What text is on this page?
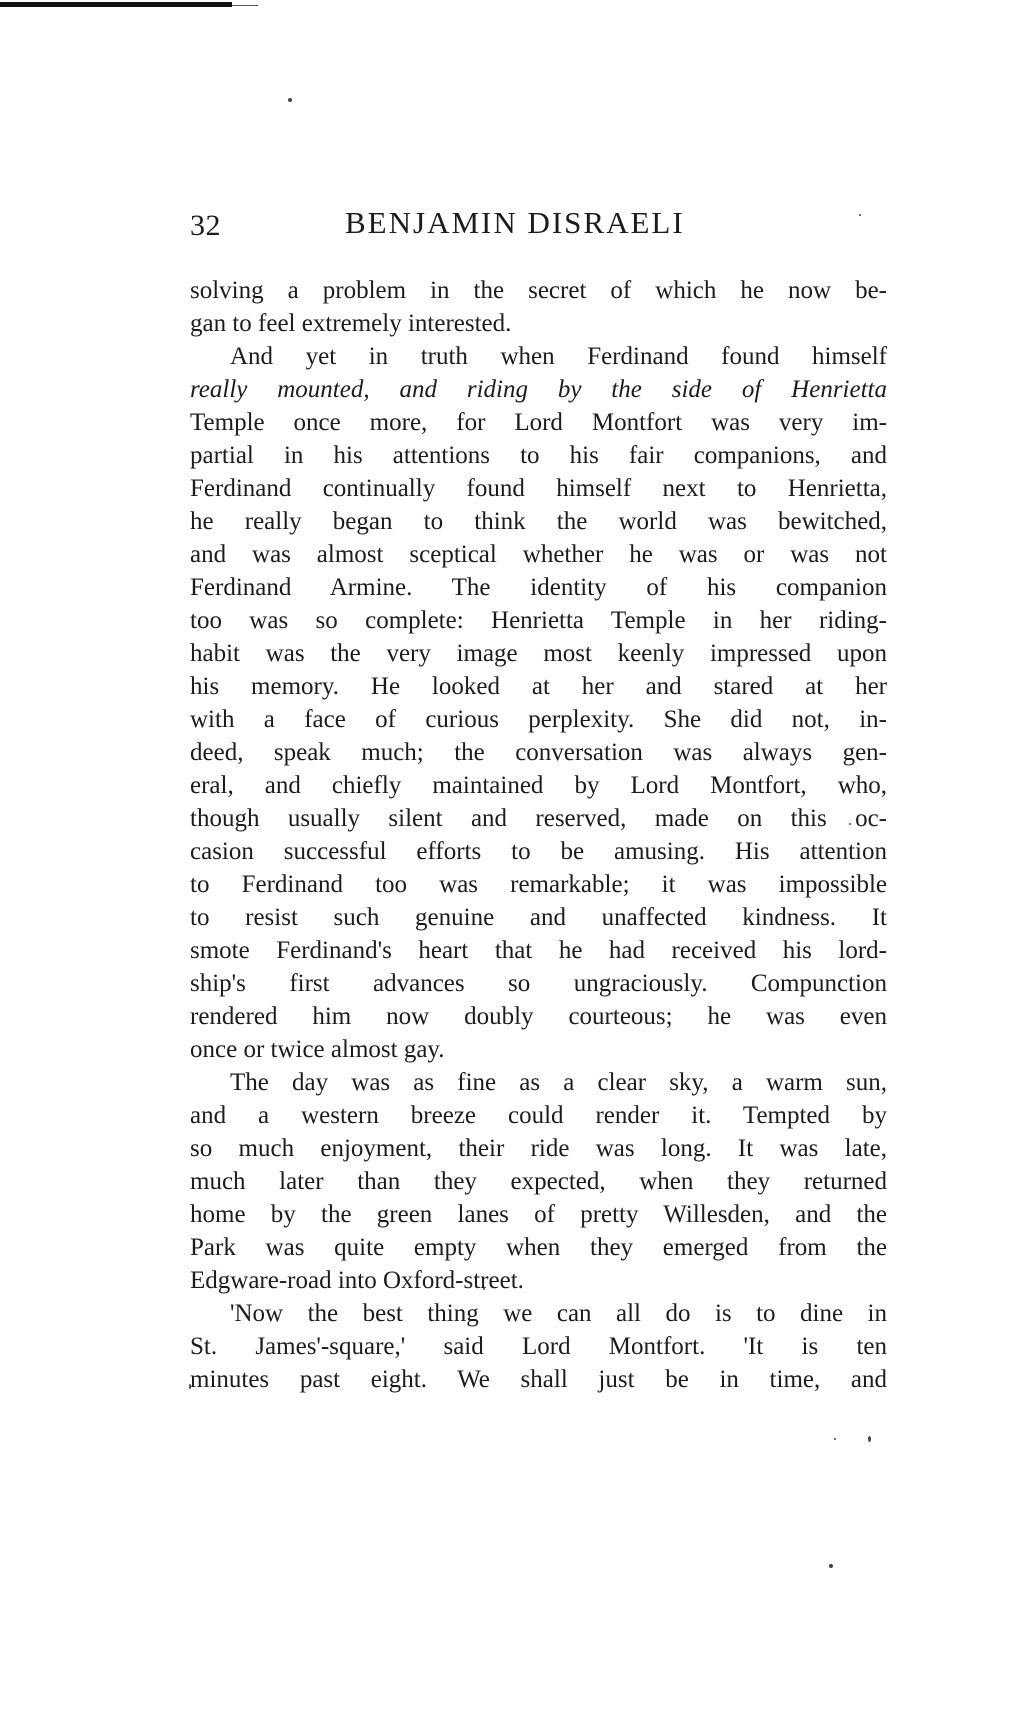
32	BENJAMIN DISRAELI
solving a problem in the secret of which he now be-
gan to feel extremely interested.
And yet in truth when Ferdinand found himself
really mounted, and riding by the side of Henrietta
Temple once more, for Lord Montfort was very im-
partial in his attentions to his fair companions, and
Ferdinand continually found himself next to Henrietta,
he really began to think the world was bewitched,
and was almost sceptical whether he was or was not
Ferdinand Armine. The identity of his companion
too was so complete: Henrietta Temple in her riding-
habit was the very image most keenly impressed upon
his memory. He looked at her and stared at her
with a face of curious perplexity. She did not, in-
deed, speak much; the conversation was always gen-
eral, and chiefly maintained by Lord Montfort, who,
though usually silent and reserved, made on this oc-
casion successful efforts to be amusing. His attention
to Ferdinand too was remarkable; it was impossible
to resist such genuine and unaffected kindness. It
smote Ferdinand's heart that he had received his lord-
ship's first advances so ungraciously. Compunction
rendered him now doubly courteous; he was even
once or twice almost gay.
The day was as fine as a clear sky, a warm sun,
and a western breeze could render it. Tempted by
so much enjoyment, their ride was long. It was late,
much later than they expected, when they returned
home by the green lanes of pretty Willesden, and the
Park was quite empty when they emerged from the
Edgware-road into Oxford-street.
'Now the best thing we can all do is to dine in
St. James'-square,' said Lord Montfort. 'It is ten
minutes past eight. We shall just be in time, and
